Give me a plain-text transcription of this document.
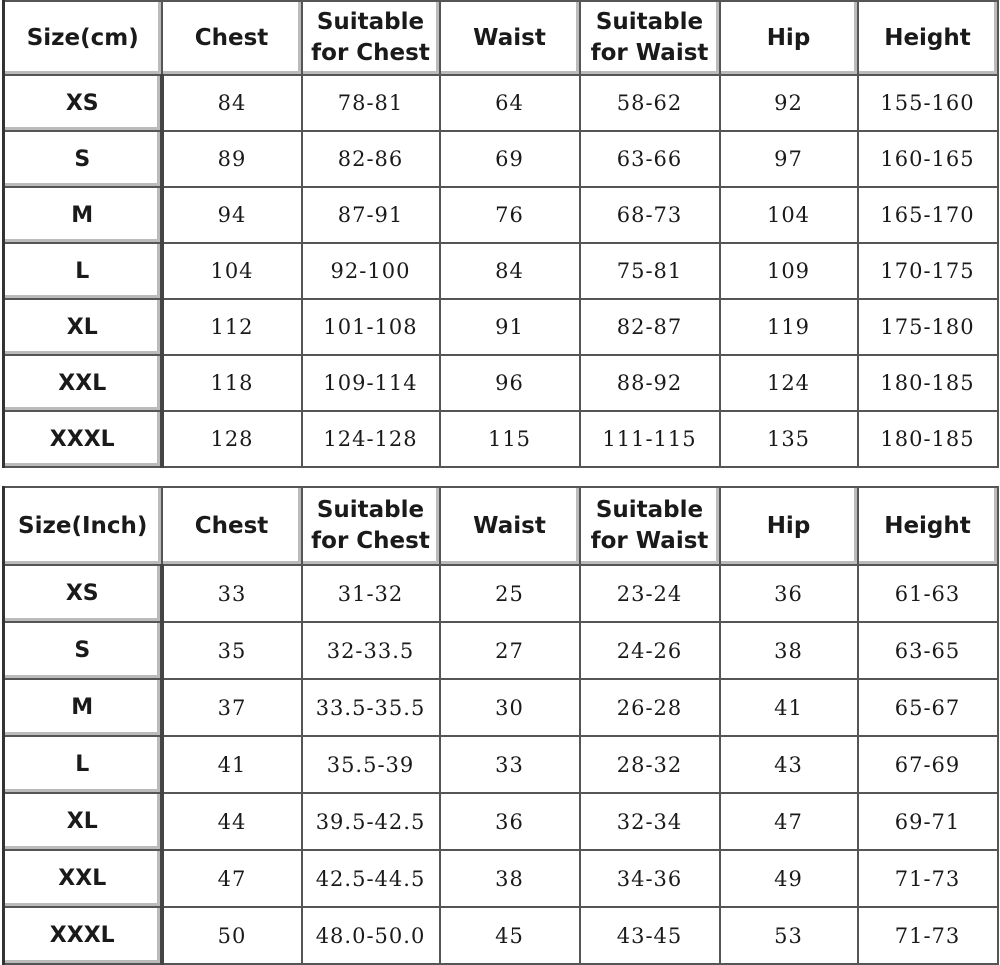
Size(cm)	Chest	Suitable for Chest	Waist	Suitable for Waist	Hip	Height
XS	84	78-81	64	58-62	92	155-160
S	89	82-86	69	63-66	97	160-165
M	94	87-91	76	68-73	104	165-170
L	104	92-100	84	75-81	109	170-175
XL	112	101-108	91	82-87	119	175-180
XXL	118	109-114	96	88-92	124	180-185
XXXL	128	124-128	115	111-115	135	180-185
Size(Inch)	Chest	Suitable for Chest	Waist	Suitable for Waist	Hip	Height
XS	33	31-32	25	23-24	36	61-63
S	35	32-33.5	27	24-26	38	63-65
M	37	33.5-35.5	30	26-28	41	65-67
L	41	35.5-39	33	28-32	43	67-69
XL	44	39.5-42.5	36	32-34	47	69-71
XXL	47	42.5-44.5	38	34-36	49	71-73
XXXL	50	48.0-50.0	45	43-45	53	71-73
